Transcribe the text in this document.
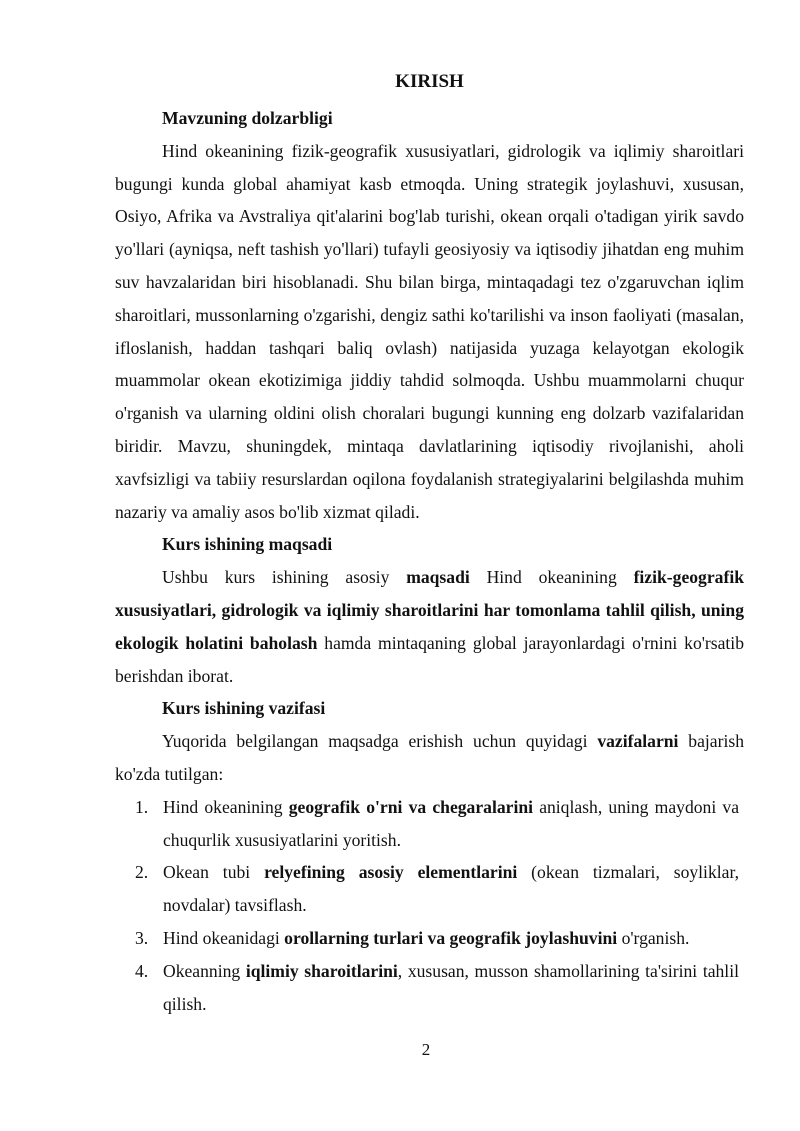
KIRISH

Mavzuning dolzarbligi

Hind okeanining fizik-geografik xususiyatlari, gidrologik va iqlimiy sharoitlari bugungi kunda global ahamiyat kasb etmoqda. Uning strategik joylashuvi, xususan, Osiyo, Afrika va Avstraliya qit'alarini bog'lab turishi, okean orqali o'tadigan yirik savdo yo'llari (ayniqsa, neft tashish yo'llari) tufayli geosiyosiy va iqtisodiy jihatdan eng muhim suv havzalaridan biri hisoblanadi. Shu bilan birga, mintaqadagi tez o'zgaruvchan iqlim sharoitlari, mussonlarning o'zgarishi, dengiz sathi ko'tarilishi va inson faoliyati (masalan, ifloslanish, haddan tashqari baliq ovlash) natijasida yuzaga kelayotgan ekologik muammolar okean ekotizimiga jiddiy tahdid solmoqda. Ushbu muammolarni chuqur o'rganish va ularning oldini olish choralari bugungi kunning eng dolzarb vazifalaridan biridir. Mavzu, shuningdek, mintaqa davlatlarining iqtisodiy rivojlanishi, aholi xavfsizligi va tabiiy resurslardan oqilona foydalanish strategiyalarini belgilashda muhim nazariy va amaliy asos bo'lib xizmat qiladi.

Kurs ishining maqsadi

Ushbu kurs ishining asosiy maqsadi Hind okeanining fizik-geografik xususiyatlari, gidrologik va iqlimiy sharoitlarini har tomonlama tahlil qilish, uning ekologik holatini baholash hamda mintaqaning global jarayonlardagi o'rnini ko'rsatib berishdan iborat.

Kurs ishining vazifasi

Yuqorida belgilangan maqsadga erishish uchun quyidagi vazifalarni bajarish ko'zda tutilgan:

1. Hind okeanining geografik o'rni va chegaralarini aniqlash, uning maydoni va chuqurlik xususiyatlarini yoritish.
2. Okean tubi relyefining asosiy elementlarini (okean tizmalari, soyliklar, novdalar) tavsiflash.
3. Hind okeanidagi orollarning turlari va geografik joylashuvini o'rganish.
4. Okeanning iqlimiy sharoitlarini, xususan, musson shamollarining ta'sirini tahlil qilish.
2
